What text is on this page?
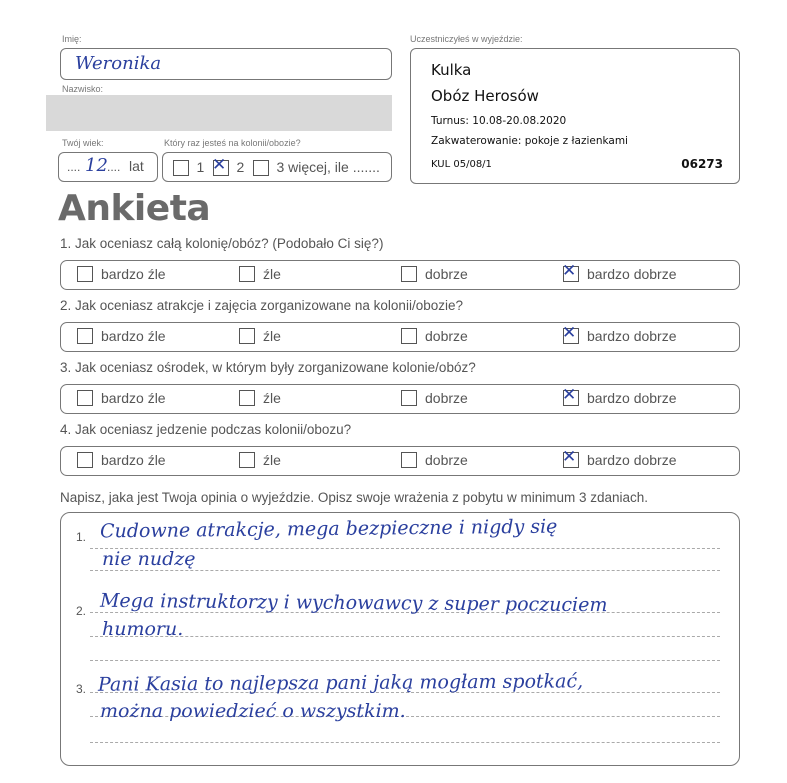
Imię:
Weronika
Nazwisko:
Twój wiek:
.... 12 .... lat
Który raz jesteś na kolonii/obozie?
1 ✕ 2	3 więcej, ile .......
Uczestniczyłeś w wyjeździe:
Kulka
Obóz Herosów
Turnus: 10.08-20.08.2020
Zakwaterowanie: pokoje z łazienkami
KUL 05/08/1	06273
Ankieta
1. Jak oceniasz całą kolonię/obóz? (Podobało Ci się?)
bardzo źle	źle	dobrze	✕ bardzo dobrze
2. Jak oceniasz atrakcje i zajęcia zorganizowane na kolonii/obozie?
bardzo źle	źle	dobrze	✕ bardzo dobrze
3. Jak oceniasz ośrodek, w którym były zorganizowane kolonie/obóz?
bardzo źle	źle	dobrze	✕ bardzo dobrze
4. Jak oceniasz jedzenie podczas kolonii/obozu?
bardzo źle	źle	dobrze	✕ bardzo dobrze
Napisz, jaka jest Twoja opinia o wyjeździe. Opisz swoje wrażenia z pobytu w minimum 3 zdaniach.
1. Cudowne atrakcje, mega bezpieczne i nigdy się
nie nudzę
2. Mega instruktorzy i wychowawcy z super poczuciem
humoru.
3. Pani Kasia to najlepsza pani jaką mogłam spotkać,
można powiedzieć o wszystkim.
